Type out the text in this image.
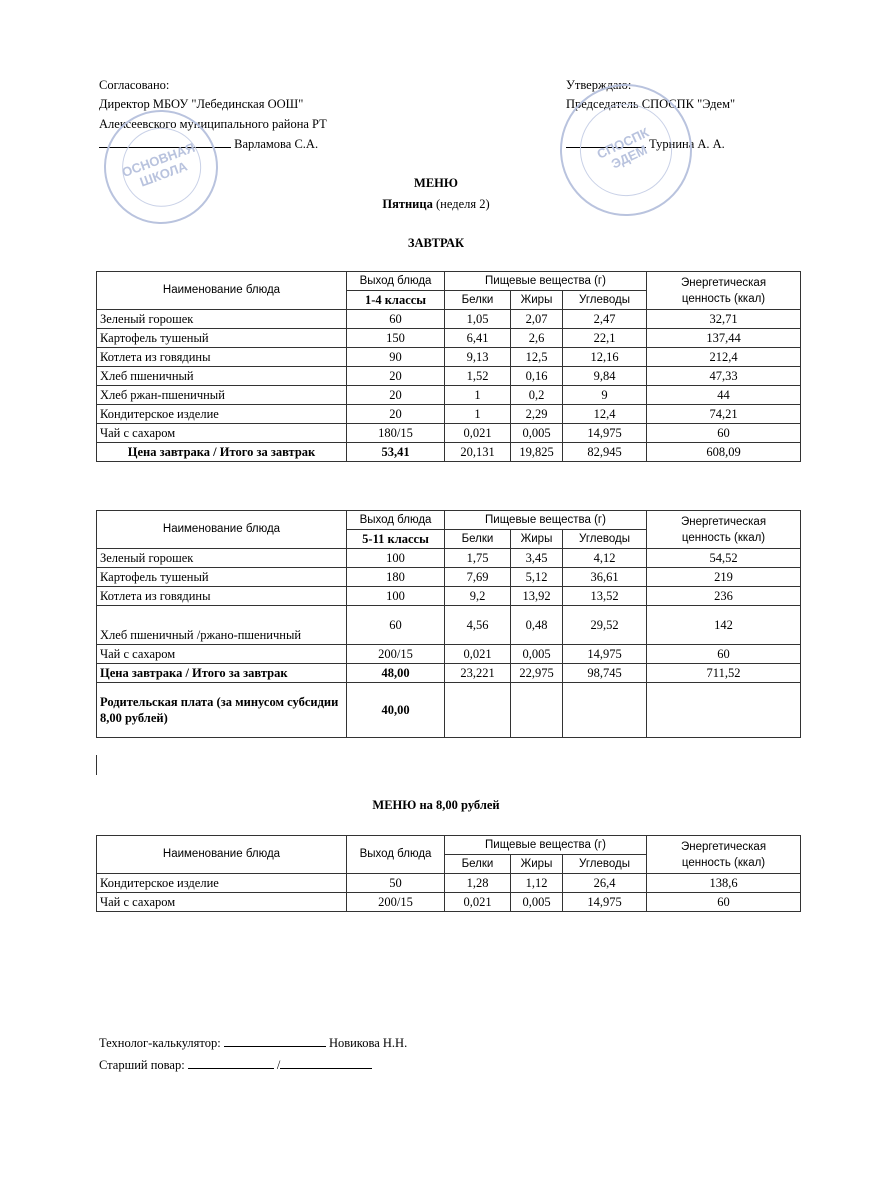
Согласовано:
Директор МБОУ "Лебединская ООШ"
Алексеевского муниципального района РТ
Варламова С.А.
ОСНОВНАЯ ШКОЛА
Утверждаю:
Председатель СПОСПК "Эдем"
Турнина А. А.
СПОСПК ЭДЕМ
МЕНЮ
Пятница (неделя 2)
ЗАВТРАК
Наименование блюда	Выход блюда	Пищевые вещества (г)			Энергетическая
ценность (ккал)
	1-4 классы	Белки	Жиры	Углеводы	
Зеленый горошек	60	1,05	2,07	2,47	32,71
Картофель тушеный	150	6,41	2,6	22,1	137,44
Котлета из говядины	90	9,13	12,5	12,16	212,4
Хлеб пшеничный	20	1,52	0,16	9,84	47,33
Хлеб ржан-пшеничный	20	1	0,2	9	44
Кондитерское изделие	20	1	2,29	12,4	74,21
Чай с сахаром	180/15	0,021	0,005	14,975	60
Цена завтрака / Итого за завтрак	53,41	20,131	19,825	82,945	608,09
Наименование блюда	Выход блюда	Пищевые вещества (г)			Энергетическая
ценность (ккал)
	5-11 классы	Белки	Жиры	Углеводы	
Зеленый горошек	100	1,75	3,45	4,12	54,52
Картофель тушеный	180	7,69	5,12	36,61	219
Котлета из говядины	100	9,2	13,92	13,52	236
Хлеб пшеничный /ржано-пшеничный	60	4,56	0,48	29,52	142
Чай с сахаром	200/15	0,021	0,005	14,975	60
Цена завтрака / Итого за завтрак	48,00	23,221	22,975	98,745	711,52
Родительская плата (за минусом субсидии 8,00 рублей)	40,00				
МЕНЮ на 8,00 рублей
Наименование блюда	Выход блюда	Пищевые вещества (г)			Энергетическая
ценность (ккал)
		Белки	Жиры	Углеводы	
Кондитерское изделие	50	1,28	1,12	26,4	138,6
Чай с сахаром	200/15	0,021	0,005	14,975	60
Технолог-калькулятор:	Новикова Н.Н.
Старший повар:	/
